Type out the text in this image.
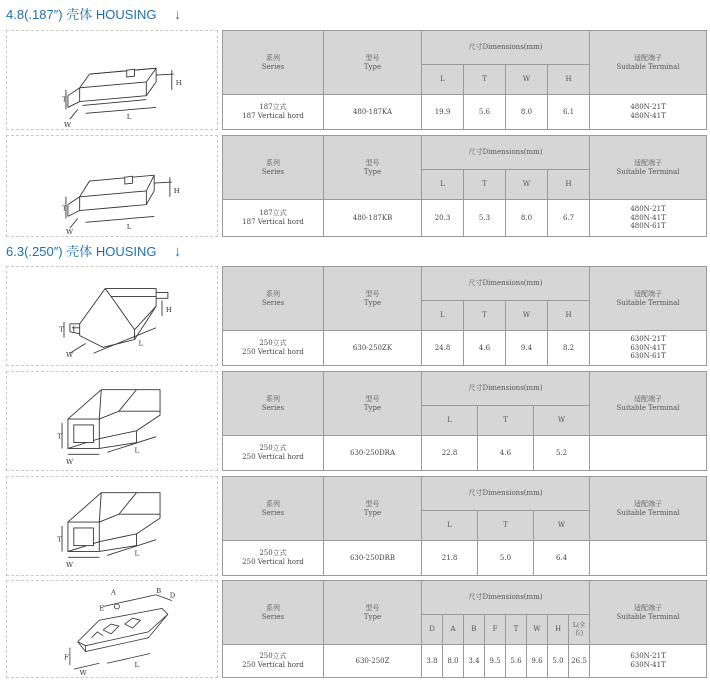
4.8(.187″) 壳体 HOUSING ↓
T
H
W
L
系列
Series	型号
Type	尺寸Dimensions(mm)				适配端子
Suitable Terminal

		L	T	W	H	

187立式
187 Vertical hord	480-187KA	19.9	5.6	8.0	6.1	480N-21T
480N-41T
T
H
W
L
系列
Series	型号
Type	尺寸Dimensions(mm)				适配端子
Suitable Terminal

		L	T	W	H	

187立式
187 Vertical hord	480-187KB	20.3	5.3	8.0	6.7	480N-21T
480N-41T
480N-61T
6.3(.250″) 壳体 HOUSING ↓
T
H
W
L
系列
Series	型号
Type	尺寸Dimensions(mm)				适配端子
Suitable Terminal

		L	T	W	H	

250立式
250 Vertical hord	630-250ZK	24.8	4.6	9.4	8.2	630N-21T
630N-41T
630N-61T
T
W
L
系列
Series	型号
Type	尺寸Dimensions(mm)			适配端子
Suitable Terminal

		L	T	W	

250立式
250 Vertical hord	630-250DRA	22.8	4.6	5.2	
T
W
L
系列
Series	型号
Type	尺寸Dimensions(mm)			适配端子
Suitable Terminal

		L	T	W	

250立式
250 Vertical hord	630-250DRB	21.8	5.0	6.4	
A	B
D
E
F
W
L
系列
Series	型号
Type	尺寸Dimensions(mm)								适配端子
Suitable Terminal

		D	A	B	F	T	W	H	L(全长)	

250立式
250 Vertical hord	630-250Z	3.8	8.0	3.4	9.5	5.6	9.6	5.0	26.5	630N-21T
630N-41T
